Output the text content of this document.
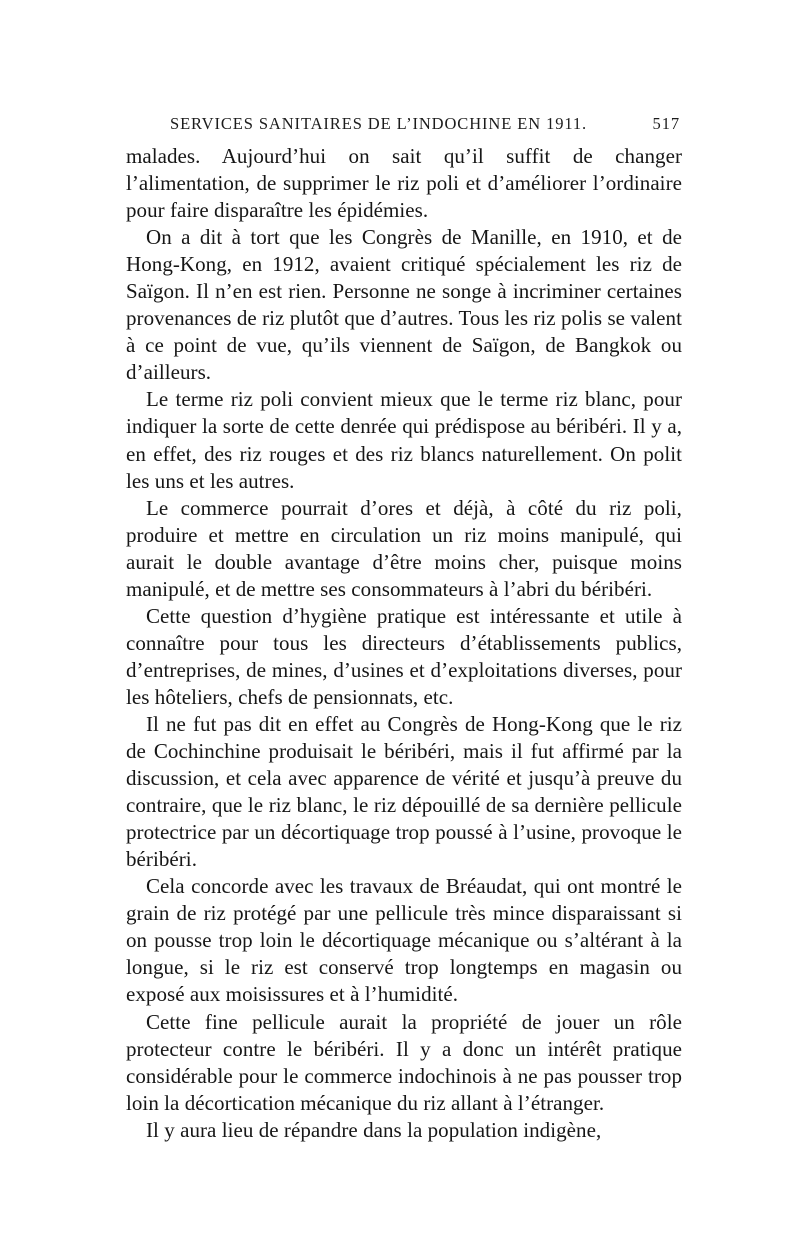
SERVICES SANITAIRES DE L’INDOCHINE EN 1911.	517

malades. Aujourd’hui on sait qu’il suffit de changer l’alimentation, de supprimer le riz poli et d’améliorer l’ordinaire pour faire disparaître les épidémies.

On a dit à tort que les Congrès de Manille, en 1910, et de Hong-Kong, en 1912, avaient critiqué spécialement les riz de Saïgon. Il n’en est rien. Personne ne songe à incriminer certaines provenances de riz plutôt que d’autres. Tous les riz polis se valent à ce point de vue, qu’ils viennent de Saïgon, de Bangkok ou d’ailleurs.

Le terme riz poli convient mieux que le terme riz blanc, pour indiquer la sorte de cette denrée qui prédispose au béribéri. Il y a, en effet, des riz rouges et des riz blancs naturellement. On polit les uns et les autres.

Le commerce pourrait d’ores et déjà, à côté du riz poli, produire et mettre en circulation un riz moins manipulé, qui aurait le double avantage d’être moins cher, puisque moins manipulé, et de mettre ses consommateurs à l’abri du béribéri.

Cette question d’hygiène pratique est intéressante et utile à connaître pour tous les directeurs d’établissements publics, d’entreprises, de mines, d’usines et d’exploitations diverses, pour les hôteliers, chefs de pensionnats, etc.

Il ne fut pas dit en effet au Congrès de Hong-Kong que le riz de Cochinchine produisait le béribéri, mais il fut affirmé par la discussion, et cela avec apparence de vérité et jusqu’à preuve du contraire, que le riz blanc, le riz dépouillé de sa dernière pellicule protectrice par un décortiquage trop poussé à l’usine, provoque le béribéri.

Cela concorde avec les travaux de Bréaudat, qui ont montré le grain de riz protégé par une pellicule très mince disparaissant si on pousse trop loin le décortiquage mécanique ou s’altérant à la longue, si le riz est conservé trop longtemps en magasin ou exposé aux moisissures et à l’humidité.

Cette fine pellicule aurait la propriété de jouer un rôle protecteur contre le béribéri. Il y a donc un intérêt pratique considérable pour le commerce indochinois à ne pas pousser trop loin la décortication mécanique du riz allant à l’étranger.

Il y aura lieu de répandre dans la population indigène,
